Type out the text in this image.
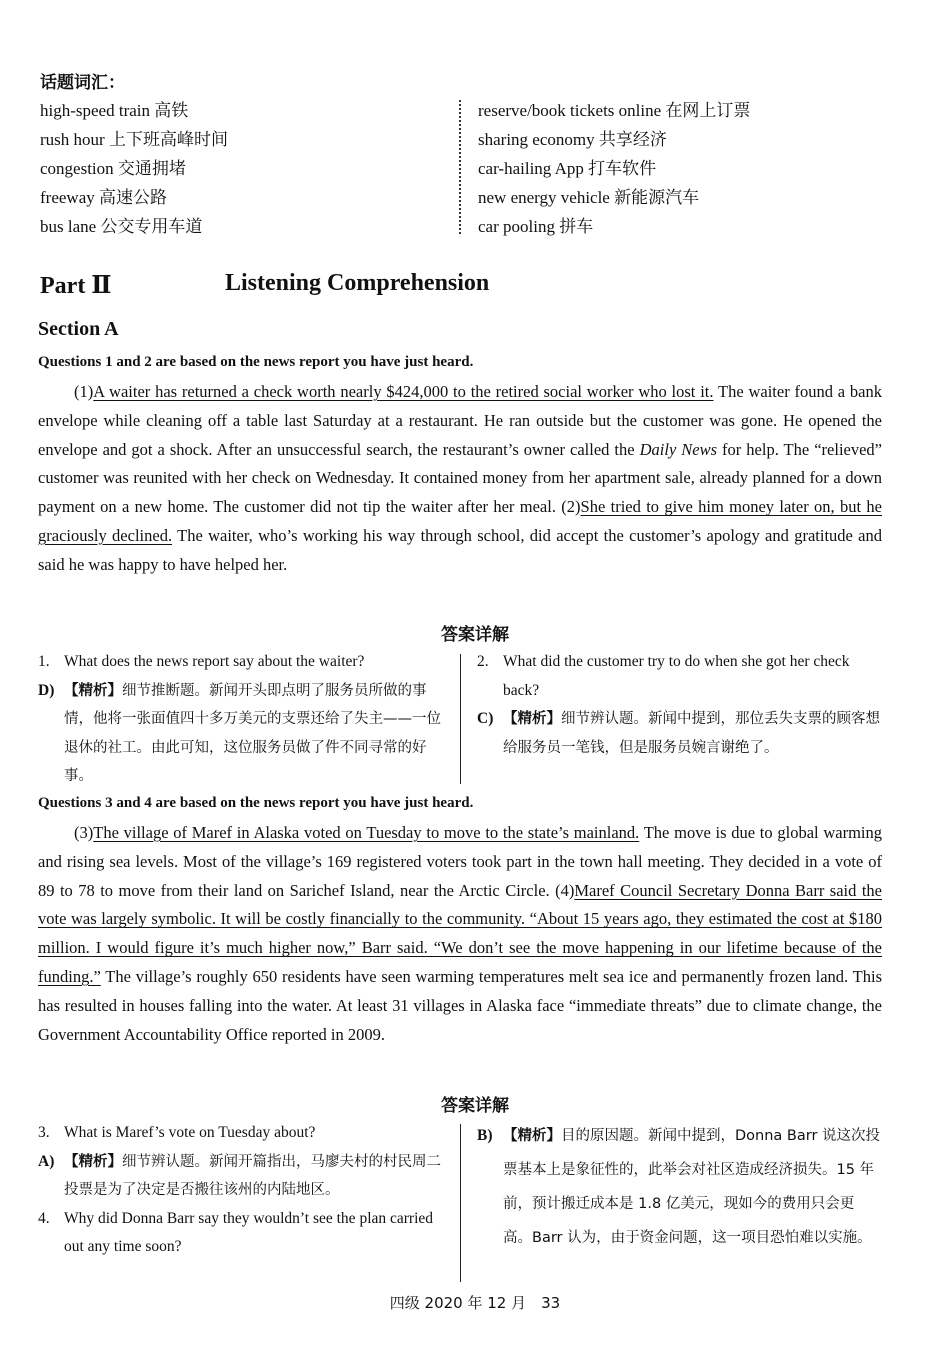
话题词汇：
high-speed train 高铁
rush hour 上下班高峰时间
congestion 交通拥堵
freeway 高速公路
bus lane 公交专用车道
reserve/book tickets online 在网上订票
sharing economy 共享经济
car-hailing App 打车软件
new energy vehicle 新能源汽车
car pooling 拼车
Part Ⅱ	Listening Comprehension
Section A
Questions 1 and 2 are based on the news report you have just heard.

(1)A waiter has returned a check worth nearly $424,000 to the retired social worker who lost it. The waiter found a bank envelope while cleaning off a table last Saturday at a restaurant. He ran outside but the customer was gone. He opened the envelope and got a shock. After an unsuccessful search, the restaurant’s owner called the Daily News for help. The “relieved” customer was reunited with her check on Wednesday. It contained money from her apartment sale, already planned for a down payment on a new home. The customer did not tip the waiter after her meal. (2)She tried to give him money later on, but he graciously declined. The waiter, who’s working his way through school, did accept the customer’s apology and gratitude and said he was happy to have helped her.

答案详解
1. What does the news report say about the waiter?
D) 【精析】细节推断题。新闻开头即点明了服务员所做的事情，他将一张面值四十多万美元的支票还给了失主——一位退休的社工。由此可知，这位服务员做了件不同寻常的好事。
2. What did the customer try to do when she got her check back?
C) 【精析】细节辨认题。新闻中提到，那位丢失支票的顾客想给服务员一笔钱，但是服务员婉言谢绝了。
Questions 3 and 4 are based on the news report you have just heard.

(3)The village of Maref in Alaska voted on Tuesday to move to the state’s mainland. The move is due to global warming and rising sea levels. Most of the village’s 169 registered voters took part in the town hall meeting. They decided in a vote of 89 to 78 to move from their land on Sarichef Island, near the Arctic Circle. (4)Maref Council Secretary Donna Barr said the vote was largely symbolic. It will be costly financially to the community. “About 15 years ago, they estimated the cost at $180 million. I would figure it’s much higher now,” Barr said. “We don’t see the move happening in our lifetime because of the funding.” The village’s roughly 650 residents have seen warming temperatures melt sea ice and permanently frozen land. This has resulted in houses falling into the water. At least 31 villages in Alaska face “immediate threats” due to climate change, the Government Accountability Office reported in 2009.

答案详解
3. What is Maref’s vote on Tuesday about?
A) 【精析】细节辨认题。新闻开篇指出，马廖夫村的村民周二投票是为了决定是否搬往该州的内陆地区。
4. Why did Donna Barr say they wouldn’t see the plan carried out any time soon?
B) 【精析】目的原因题。新闻中提到，Donna Barr 说这次投票基本上是象征性的，此举会对社区造成经济损失。15 年前，预计搬迁成本是 1.8 亿美元，现如今的费用只会更高。Barr 认为，由于资金问题，这一项目恐怕难以实施。
四级 2020 年 12 月　33
